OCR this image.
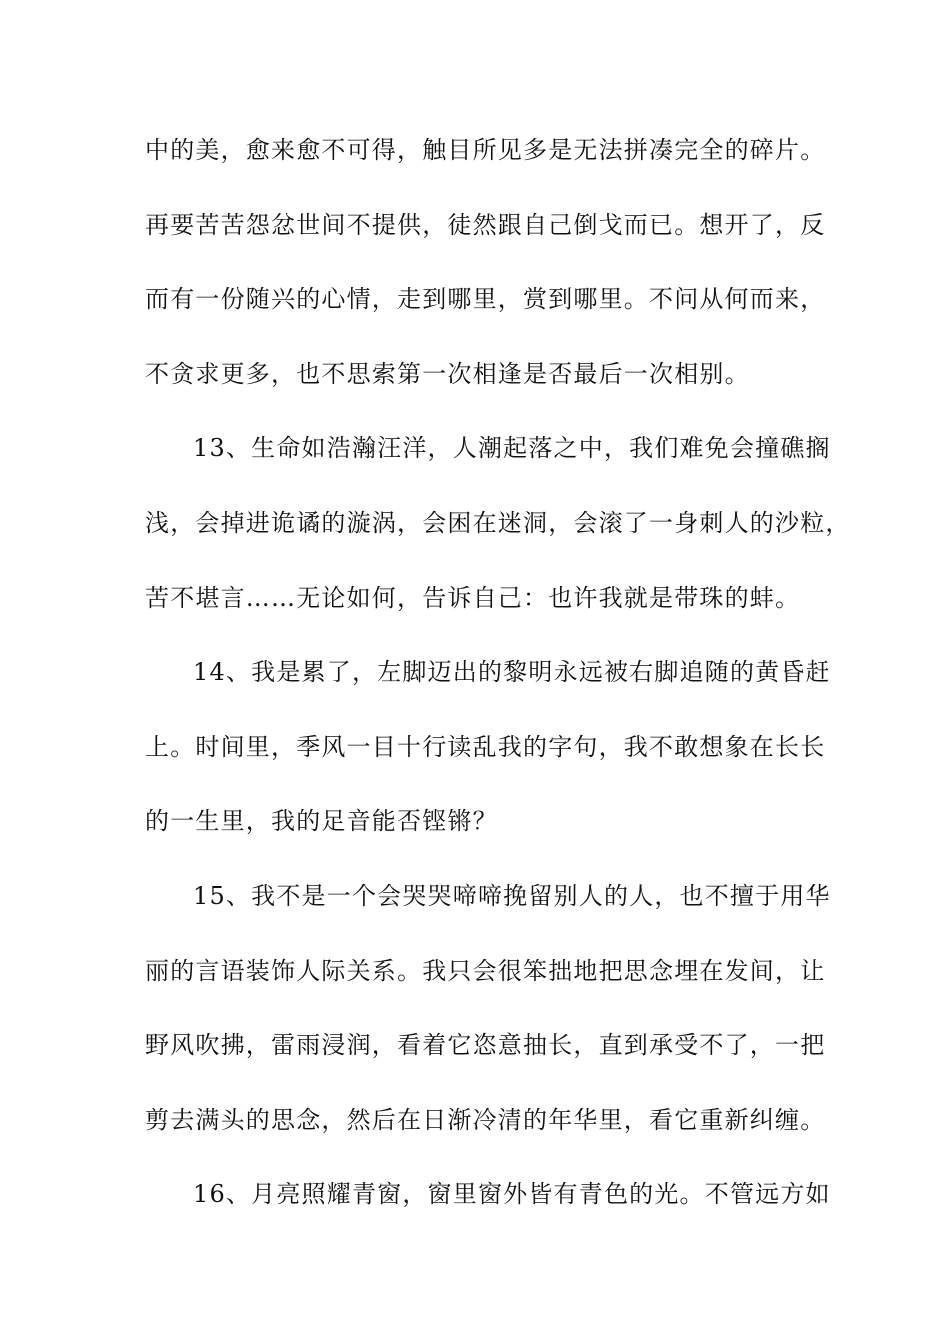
中的美，愈来愈不可得，触目所见多是无法拼凑完全的碎片。
再要苦苦怨忿世间不提供，徒然跟自己倒戈而已。想开了，反
而有一份随兴的心情，走到哪里，赏到哪里。不问从何而来，
不贪求更多，也不思索第一次相逢是否最后一次相别。
13、生命如浩瀚汪洋，人潮起落之中，我们难免会撞礁搁
浅，会掉进诡谲的漩涡，会困在迷洞，会滚了一身刺人的沙粒，
苦不堪言……无论如何，告诉自己：也许我就是带珠的蚌。
14、我是累了，左脚迈出的黎明永远被右脚追随的黄昏赶
上。时间里，季风一目十行读乱我的字句，我不敢想象在长长
的一生里，我的足音能否铿锵？
15、我不是一个会哭哭啼啼挽留别人的人，也不擅于用华
丽的言语装饰人际关系。我只会很笨拙地把思念埋在发间，让
野风吹拂，雷雨浸润，看着它恣意抽长，直到承受不了，一把
剪去满头的思念，然后在日渐冷清的年华里，看它重新纠缠。
16、月亮照耀青窗，窗里窗外皆有青色的光。不管远方如
